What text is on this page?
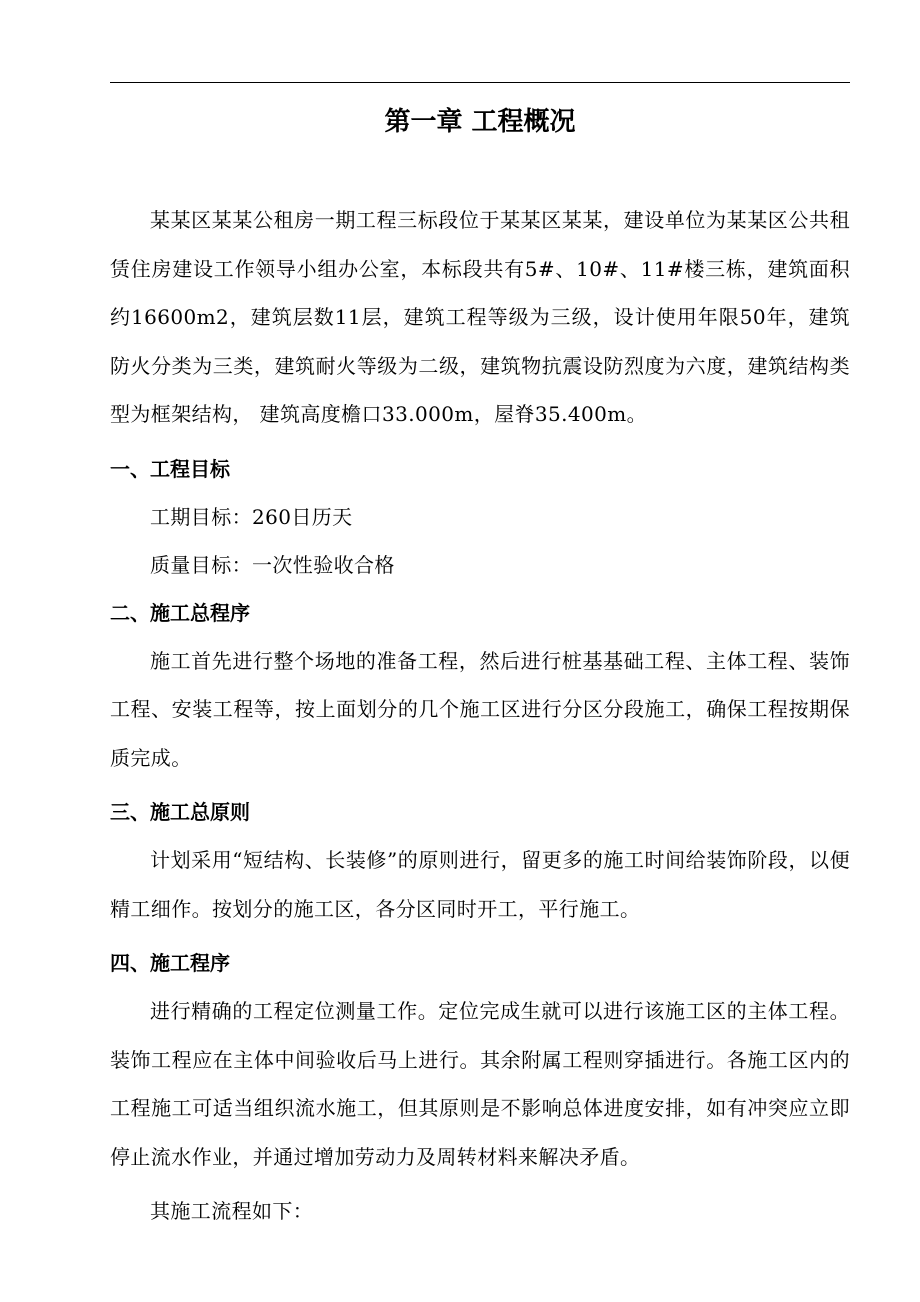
第一章 工程概况

某某区某某公租房一期工程三标段位于某某区某某，建设单位为某某区公共租赁住房建设工作领导小组办公室，本标段共有5#、10#、11#楼三栋，建筑面积约16600m2，建筑层数11层，建筑工程等级为三级，设计使用年限50年，建筑防火分类为三类，建筑耐火等级为二级，建筑物抗震设防烈度为六度，建筑结构类型为框架结构， 建筑高度檐口33.000m，屋脊35.400m。

一、工程目标

工期目标：260日历天

质量目标：一次性验收合格

二、施工总程序

施工首先进行整个场地的准备工程，然后进行桩基基础工程、主体工程、装饰工程、安装工程等，按上面划分的几个施工区进行分区分段施工，确保工程按期保质完成。

三、施工总原则

计划采用“短结构、长装修”的原则进行，留更多的施工时间给装饰阶段，以便精工细作。按划分的施工区，各分区同时开工，平行施工。

四、施工程序

进行精确的工程定位测量工作。定位完成生就可以进行该施工区的主体工程。装饰工程应在主体中间验收后马上进行。其余附属工程则穿插进行。各施工区内的工程施工可适当组织流水施工，但其原则是不影响总体进度安排，如有冲突应立即停止流水作业，并通过增加劳动力及周转材料来解决矛盾。

其施工流程如下：
